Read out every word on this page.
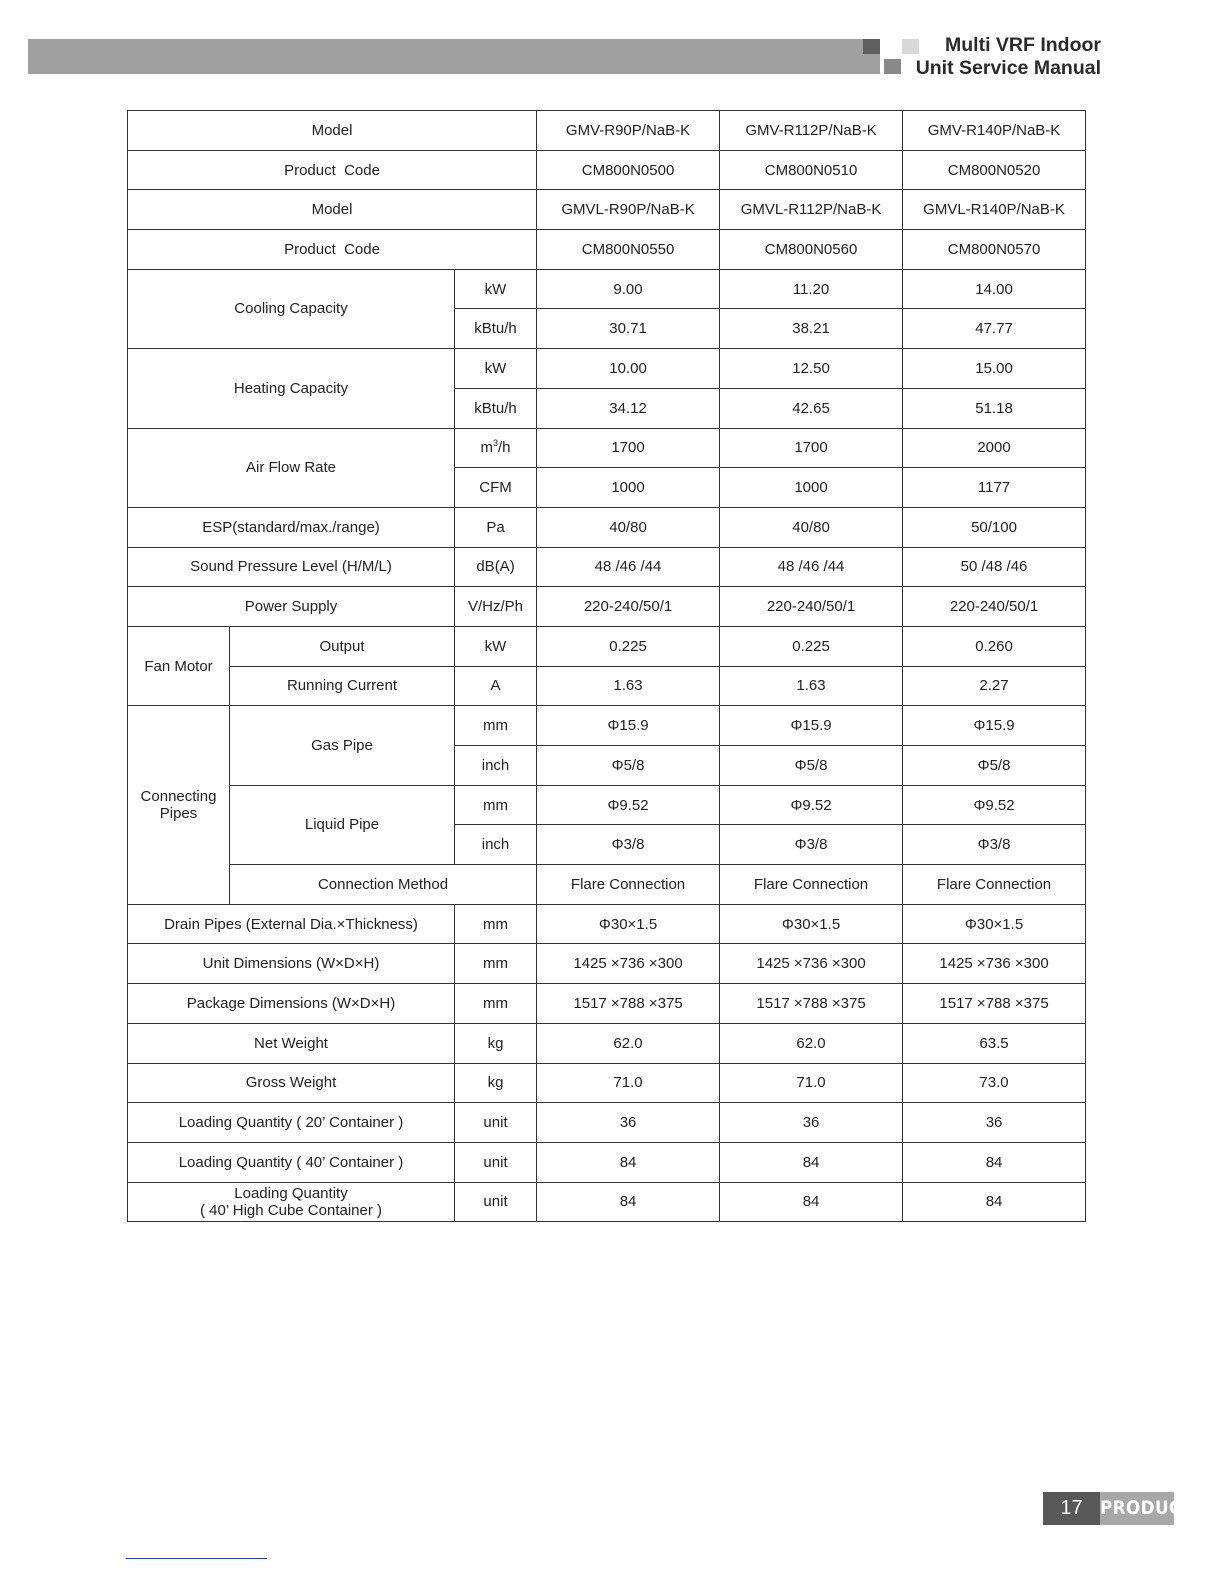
Multi VRF Indoor
Unit Service Manual
Model			GMV-R90P/NaB-K	GMV-R112P/NaB-K	GMV-R140P/NaB-K
Product  Code			CM800N0500	CM800N0510	CM800N0520
Model			GMVL-R90P/NaB-K	GMVL-R112P/NaB-K	GMVL-R140P/NaB-K
Product  Code			CM800N0550	CM800N0560	CM800N0570
Cooling Capacity		kW	9.00	11.20	14.00
		kBtu/h	30.71	38.21	47.77
Heating Capacity		kW	10.00	12.50	15.00
		kBtu/h	34.12	42.65	51.18
Air Flow Rate		$m^3/h$	1700	1700	2000
		CFM	1000	1000	1177
ESP(standard/max./range)		Pa	40/80	40/80	50/100
Sound Pressure Level (H/M/L)		dB(A)	48 /46 /44	48 /46 /44	50 /48 /46
Power Supply		V/Hz/Ph	220-240/50/1	220-240/50/1	220-240/50/1
Fan Motor	Output	kW	0.225	0.225	0.260
	Running Current	A	1.63	1.63	2.27
Connecting
Pipes	Gas Pipe	mm	Φ15.9	Φ15.9	Φ15.9
		inch	Φ5/8	Φ5/8	Φ5/8
	Liquid Pipe	mm	Φ9.52	Φ9.52	Φ9.52
		inch	Φ3/8	Φ3/8	Φ3/8
	Connection Method		Flare Connection	Flare Connection	Flare Connection
Drain Pipes (External Dia.×Thickness)		mm	Φ30×1.5	Φ30×1.5	Φ30×1.5
Unit Dimensions (W×D×H)		mm	1425 ×736 ×300	1425 ×736 ×300	1425 ×736 ×300
Package Dimensions (W×D×H)		mm	1517 ×788 ×375	1517 ×788 ×375	1517 ×788 ×375
Net Weight		kg	62.0	62.0	63.5
Gross Weight		kg	71.0	71.0	73.0
Loading Quantity ( 20’ Container )		unit	36	36	36
Loading Quantity ( 40’ Container )		unit	84	84	84
Loading Quantity
( 40’ High Cube Container )		unit	84	84	84
17 PRODUCT
